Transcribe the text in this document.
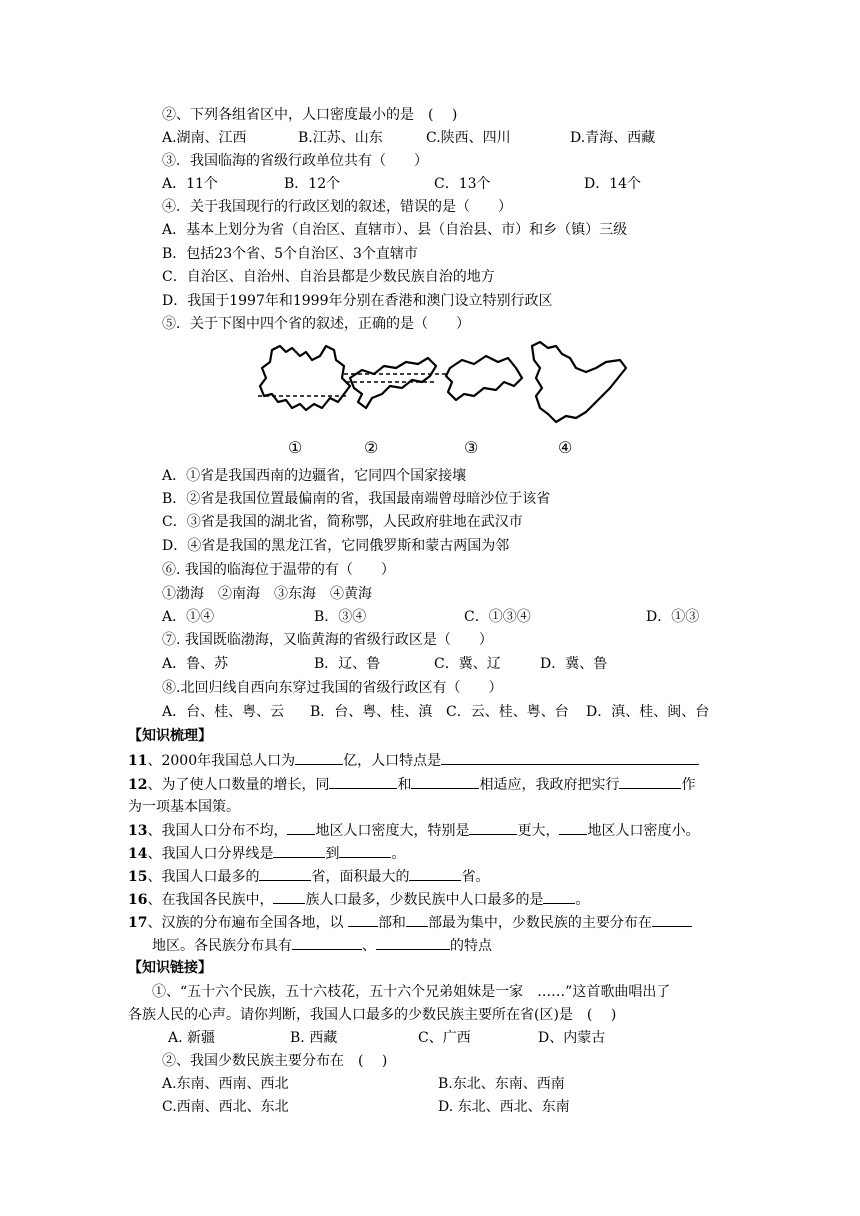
②、下列各组省区中，人口密度最小的是　(　 )
A.湖南、江西	B.江苏、山东	C.陕西、四川	D.青海、西藏
③．我国临海的省级行政单位共有（　　）
A．11个	B．12个	C．13个	D．14个
④．关于我国现行的行政区划的叙述，错误的是（　　）
A．基本上划分为省（自治区、直辖市）、县（自治县、市）和乡（镇）三级
B．包括23个省、5个自治区、3个直辖市
C．自治区、自治州、自治县都是少数民族自治的地方
D．我国于1997年和1999年分别在香港和澳门设立特别行政区
⑤．关于下图中四个省的叙述，正确的是（　　）
①	②	③	④
A．①省是我国西南的边疆省，它同四个国家接壤
B．②省是我国位置最偏南的省，我国最南端曾母暗沙位于该省
C．③省是我国的湖北省，简称鄂，人民政府驻地在武汉市
D．④省是我国的黑龙江省，它同俄罗斯和蒙古两国为邻
⑥. 我国的临海位于温带的有（　　）
①渤海　②南海　③东海　④黄海
A．①④	B．③④	C．①③④	D．①③
⑦. 我国既临渤海，又临黄海的省级行政区是（　　）
A．鲁、苏	B．辽、鲁	C．冀、辽	D．冀、鲁
⑧.北回归线自西向东穿过我国的省级行政区有（　　）
A．台、桂、粤、云 B．台、粤、桂、滇 C．云、桂、粤、台 D．滇、桂、闽、台
【知识梳理】
11、2000年我国总人口为	亿，人口特点是
12、为了使人口数量的增长，同	和	相适应，我政府把实行	作
为一项基本国策。
13、我国人口分布不均， 地区人口密度大，特别是	更大， 地区人口密度小。
14、我国人口分界线是	到	。
15、我国人口最多的	省，面积最大的	省。
16、在我国各民族中， 族人口最多，少数民族中人口最多的是 。
17、汉族的分布遍布全国各地，以 部和 部最为集中，少数民族的主要分布在
地区。各民族分布具有	、	的特点
【知识链接】
①、“五十六个民族，五十六枝花，五十六个兄弟姐妹是一家　……”这首歌曲唱出了
各族人民的心声。请你判断，我国人口最多的少数民族主要所在省(区)是　(　 )
A. 新疆	B. 西藏	C、广西	D、内蒙古
②、我国少数民族主要分布在　(　 )
A.东南、西南、西北	B.东北、东南、西南
C.西南、西北、东北	D. 东北、西北、东南
